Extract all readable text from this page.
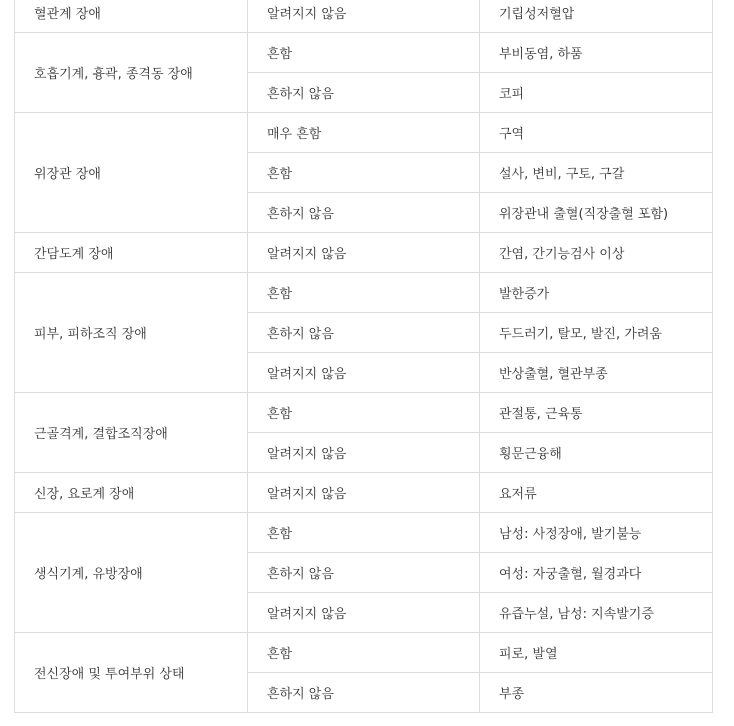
혈관계 장애	알려지지 않음	기립성저혈압
호흡기계, 흉곽, 종격동 장애	흔함	부비동염, 하품
	흔하지 않음	코피
위장관 장애	매우 흔함	구역
	흔함	설사, 변비, 구토, 구갈
	흔하지 않음	위장관내 출혈(직장출혈 포함)
간담도계 장애	알려지지 않음	간염, 간기능검사 이상
피부, 피하조직 장애	흔함	발한증가
	흔하지 않음	두드러기, 탈모, 발진, 가려움
	알려지지 않음	반상출혈, 혈관부종
근골격계, 결합조직장애	흔함	관절통, 근육통
	알려지지 않음	횡문근융해
신장, 요로계 장애	알려지지 않음	요저류
생식기계, 유방장애	흔함	남성: 사정장애, 발기불능
	흔하지 않음	여성: 자궁출혈, 월경과다
	알려지지 않음	유즙누설, 남성: 지속발기증
전신장애 및 투여부위 상태	흔함	피로, 발열
	흔하지 않음	부종
